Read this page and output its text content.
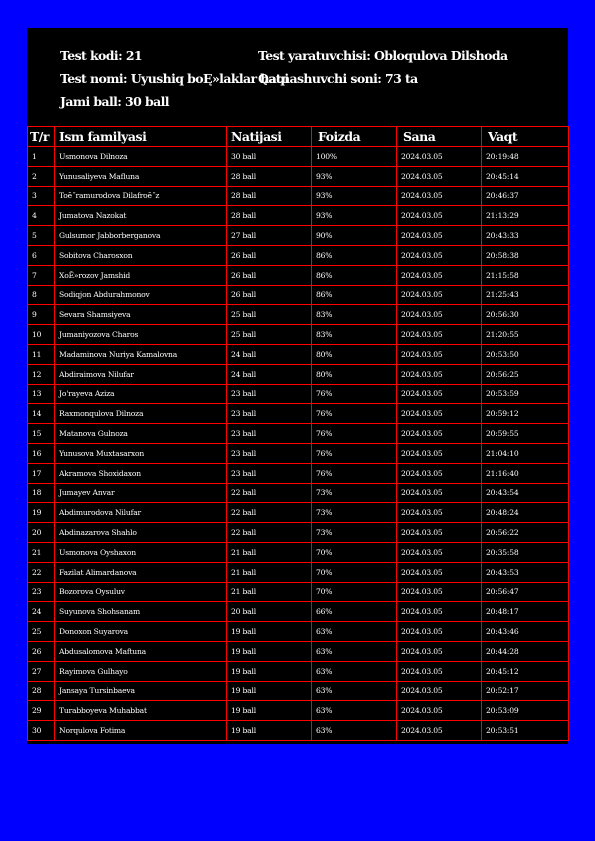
Test kodi: 21	Test yaratuvchisi: Obloqulova Dilshoda
Test nomi: Uyushiq boĘ»laklar haqi
Qatnashuvchi soni: 73 ta
Jami ball: 30 ball
T/r	Ism familyasi	Natijasi	Foizda	Sana	Vaqt
1	Usmonova Dilnoza	30 ball	100%	2024.03.05	20:19:48
2	Yunusaliyeva Mafluna	28 ball	93%	2024.03.05	20:45:14
3	Toĕ˝ramurodova Dilafroĕ˝z	28 ball	93%	2024.03.05	20:46:37
4	Jumatova Nazokat	28 ball	93%	2024.03.05	21:13:29
5	Gulsumor Jabborberganova	27 ball	90%	2024.03.05	20:43:33
6	Sobitova Charosxon	26 ball	86%	2024.03.05	20:58:38
7	XoĔ»rozov Jamshid	26 ball	86%	2024.03.05	21:15:58
8	Sodiqjon Abdurahmonov	26 ball	86%	2024.03.05	21:25:43
9	Sevara Shamsiyeva	25 ball	83%	2024.03.05	20:56:30
10	Jumaniyozova Charos	25 ball	83%	2024.03.05	21:20:55
11	Madaminova Nuriya Kamalovna	24 ball	80%	2024.03.05	20:53:50
12	Abdiraimova Nilufar	24 ball	80%	2024.03.05	20:56:25
13	Jo'rayeva Aziza	23 ball	76%	2024.03.05	20:53:59
14	Raxmonqulova Dilnoza	23 ball	76%	2024.03.05	20:59:12
15	Matanova Gulnoza	23 ball	76%	2024.03.05	20:59:55
16	Yunusova Muxtasarxon	23 ball	76%	2024.03.05	21:04:10
17	Akramova Shoxidaxon	23 ball	76%	2024.03.05	21:16:40
18	Jumayev Anvar	22 ball	73%	2024.03.05	20:43:54
19	Abdimurodova Nilufar	22 ball	73%	2024.03.05	20:48:24
20	Abdinazarova Shahlo	22 ball	73%	2024.03.05	20:56:22
21	Usmonova Oyshaxon	21 ball	70%	2024.03.05	20:35:58
22	Fazilat Alimardanova	21 ball	70%	2024.03.05	20:43:53
23	Bozorova Oysuluv	21 ball	70%	2024.03.05	20:56:47
24	Suyunova Shohsanam	20 ball	66%	2024.03.05	20:48:17
25	Donoxon Suyarova	19 ball	63%	2024.03.05	20:43:46
26	Abdusalomova Maftuna	19 ball	63%	2024.03.05	20:44:28
27	Rayimova Gulhayo	19 ball	63%	2024.03.05	20:45:12
28	Jansaya Tursinbaeva	19 ball	63%	2024.03.05	20:52:17
29	Turabboyeva Muhabbat	19 ball	63%	2024.03.05	20:53:09
30	Norqulova Fotima	19 ball	63%	2024.03.05	20:53:51
